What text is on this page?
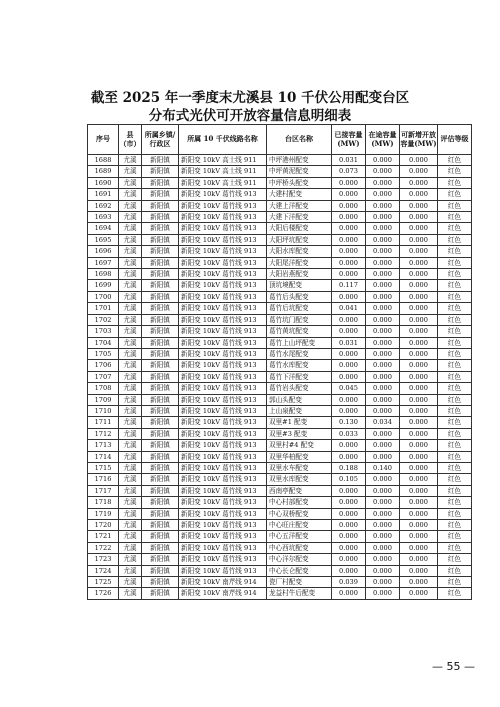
截至 2025 年一季度末尤溪县 10 千伏公用配变台区
分布式光伏可开放容量信息明细表
序号	县（市）	所属乡镇/行政区	所属 10 千伏线路名称	台区名称	已接容量(MW)	在途容量(MW)	可新增开放容量(MW)	评估等级
1688	尤溪	新阳镇	新阳变 10kV 高士线 911	中坪港州配变	0.031	0.000	0.000	红色
1689	尤溪	新阳镇	新阳变 10kV 高士线 911	中坪黄泥配变	0.073	0.000	0.000	红色
1690	尤溪	新阳镇	新阳变 10kV 高士线 911	中坪桥头配变	0.000	0.000	0.000	红色
1691	尤溪	新阳镇	新阳变 10kV 葛竹线 913	大建村配变	0.000	0.000	0.000	红色
1692	尤溪	新阳镇	新阳变 10kV 葛竹线 913	大建上洋配变	0.000	0.000	0.000	红色
1693	尤溪	新阳镇	新阳变 10kV 葛竹线 913	大建下洋配变	0.000	0.000	0.000	红色
1694	尤溪	新阳镇	新阳变 10kV 葛竹线 913	大阳后楼配变	0.000	0.000	0.000	红色
1695	尤溪	新阳镇	新阳变 10kV 葛竹线 913	大阳坪坑配变	0.000	0.000	0.000	红色
1696	尤溪	新阳镇	新阳变 10kV 葛竹线 913	大阳水库配变	0.000	0.000	0.000	红色
1697	尤溪	新阳镇	新阳变 10kV 葛竹线 913	大阳尾洋配变	0.000	0.000	0.000	红色
1698	尤溪	新阳镇	新阳变 10kV 葛竹线 913	大阳岩燕配变	0.000	0.000	0.000	红色
1699	尤溪	新阳镇	新阳变 10kV 葛竹线 913	顶坑境配变	0.117	0.000	0.000	红色
1700	尤溪	新阳镇	新阳变 10kV 葛竹线 913	葛竹后头配变	0.000	0.000	0.000	红色
1701	尤溪	新阳镇	新阳变 10kV 葛竹线 913	葛竹后坑配变	0.041	0.000	0.000	红色
1702	尤溪	新阳镇	新阳变 10kV 葛竹线 913	葛竹坑门配变	0.000	0.000	0.000	红色
1703	尤溪	新阳镇	新阳变 10kV 葛竹线 913	葛竹黄坑配变	0.000	0.000	0.000	红色
1704	尤溪	新阳镇	新阳变 10kV 葛竹线 913	葛竹上山坪配变	0.031	0.000	0.000	红色
1705	尤溪	新阳镇	新阳变 10kV 葛竹线 913	葛竹水尾配变	0.000	0.000	0.000	红色
1706	尤溪	新阳镇	新阳变 10kV 葛竹线 913	葛竹水库配变	0.000	0.000	0.000	红色
1707	尤溪	新阳镇	新阳变 10kV 葛竹线 913	葛竹下洋配变	0.000	0.000	0.000	红色
1708	尤溪	新阳镇	新阳变 10kV 葛竹线 913	葛竹岩头配变	0.045	0.000	0.000	红色
1709	尤溪	新阳镇	新阳变 10kV 葛竹线 913	郭山头配变	0.000	0.000	0.000	红色
1710	尤溪	新阳镇	新阳变 10kV 葛竹线 913	上山泉配变	0.000	0.000	0.000	红色
1711	尤溪	新阳镇	新阳变 10kV 葛竹线 913	双里#1 配变	0.130	0.034	0.000	红色
1712	尤溪	新阳镇	新阳变 10kV 葛竹线 913	双里#3 配变	0.033	0.000	0.000	红色
1713	尤溪	新阳镇	新阳变 10kV 葛竹线 913	双里村#4 配变	0.000	0.000	0.000	红色
1714	尤溪	新阳镇	新阳变 10kV 葛竹线 913	双里华柏配变	0.000	0.000	0.000	红色
1715	尤溪	新阳镇	新阳变 10kV 葛竹线 913	双里水车配变	0.188	0.140	0.000	红色
1716	尤溪	新阳镇	新阳变 10kV 葛竹线 913	双里水库配变	0.105	0.000	0.000	红色
1717	尤溪	新阳镇	新阳变 10kV 葛竹线 913	西南亭配变	0.000	0.000	0.000	红色
1718	尤溪	新阳镇	新阳变 10kV 葛竹线 913	中心村部配变	0.000	0.000	0.000	红色
1719	尤溪	新阳镇	新阳变 10kV 葛竹线 913	中心双桥配变	0.000	0.000	0.000	红色
1720	尤溪	新阳镇	新阳变 10kV 葛竹线 913	中心旺庄配变	0.000	0.000	0.000	红色
1721	尤溪	新阳镇	新阳变 10kV 葛竹线 913	中心五洋配变	0.000	0.000	0.000	红色
1722	尤溪	新阳镇	新阳变 10kV 葛竹线 913	中心西坑配变	0.000	0.000	0.000	红色
1723	尤溪	新阳镇	新阳变 10kV 葛竹线 913	中心洋尔配变	0.000	0.000	0.000	红色
1724	尤溪	新阳镇	新阳变 10kV 葛竹线 913	中心长仑配变	0.000	0.000	0.000	红色
1725	尤溪	新阳镇	新阳变 10kV 南芹线 914	瓷厂村配变	0.039	0.000	0.000	红色
1726	尤溪	新阳镇	新阳变 10kV 南芹线 914	龙益村牛后配变	0.000	0.000	0.000	红色
— 55 —
